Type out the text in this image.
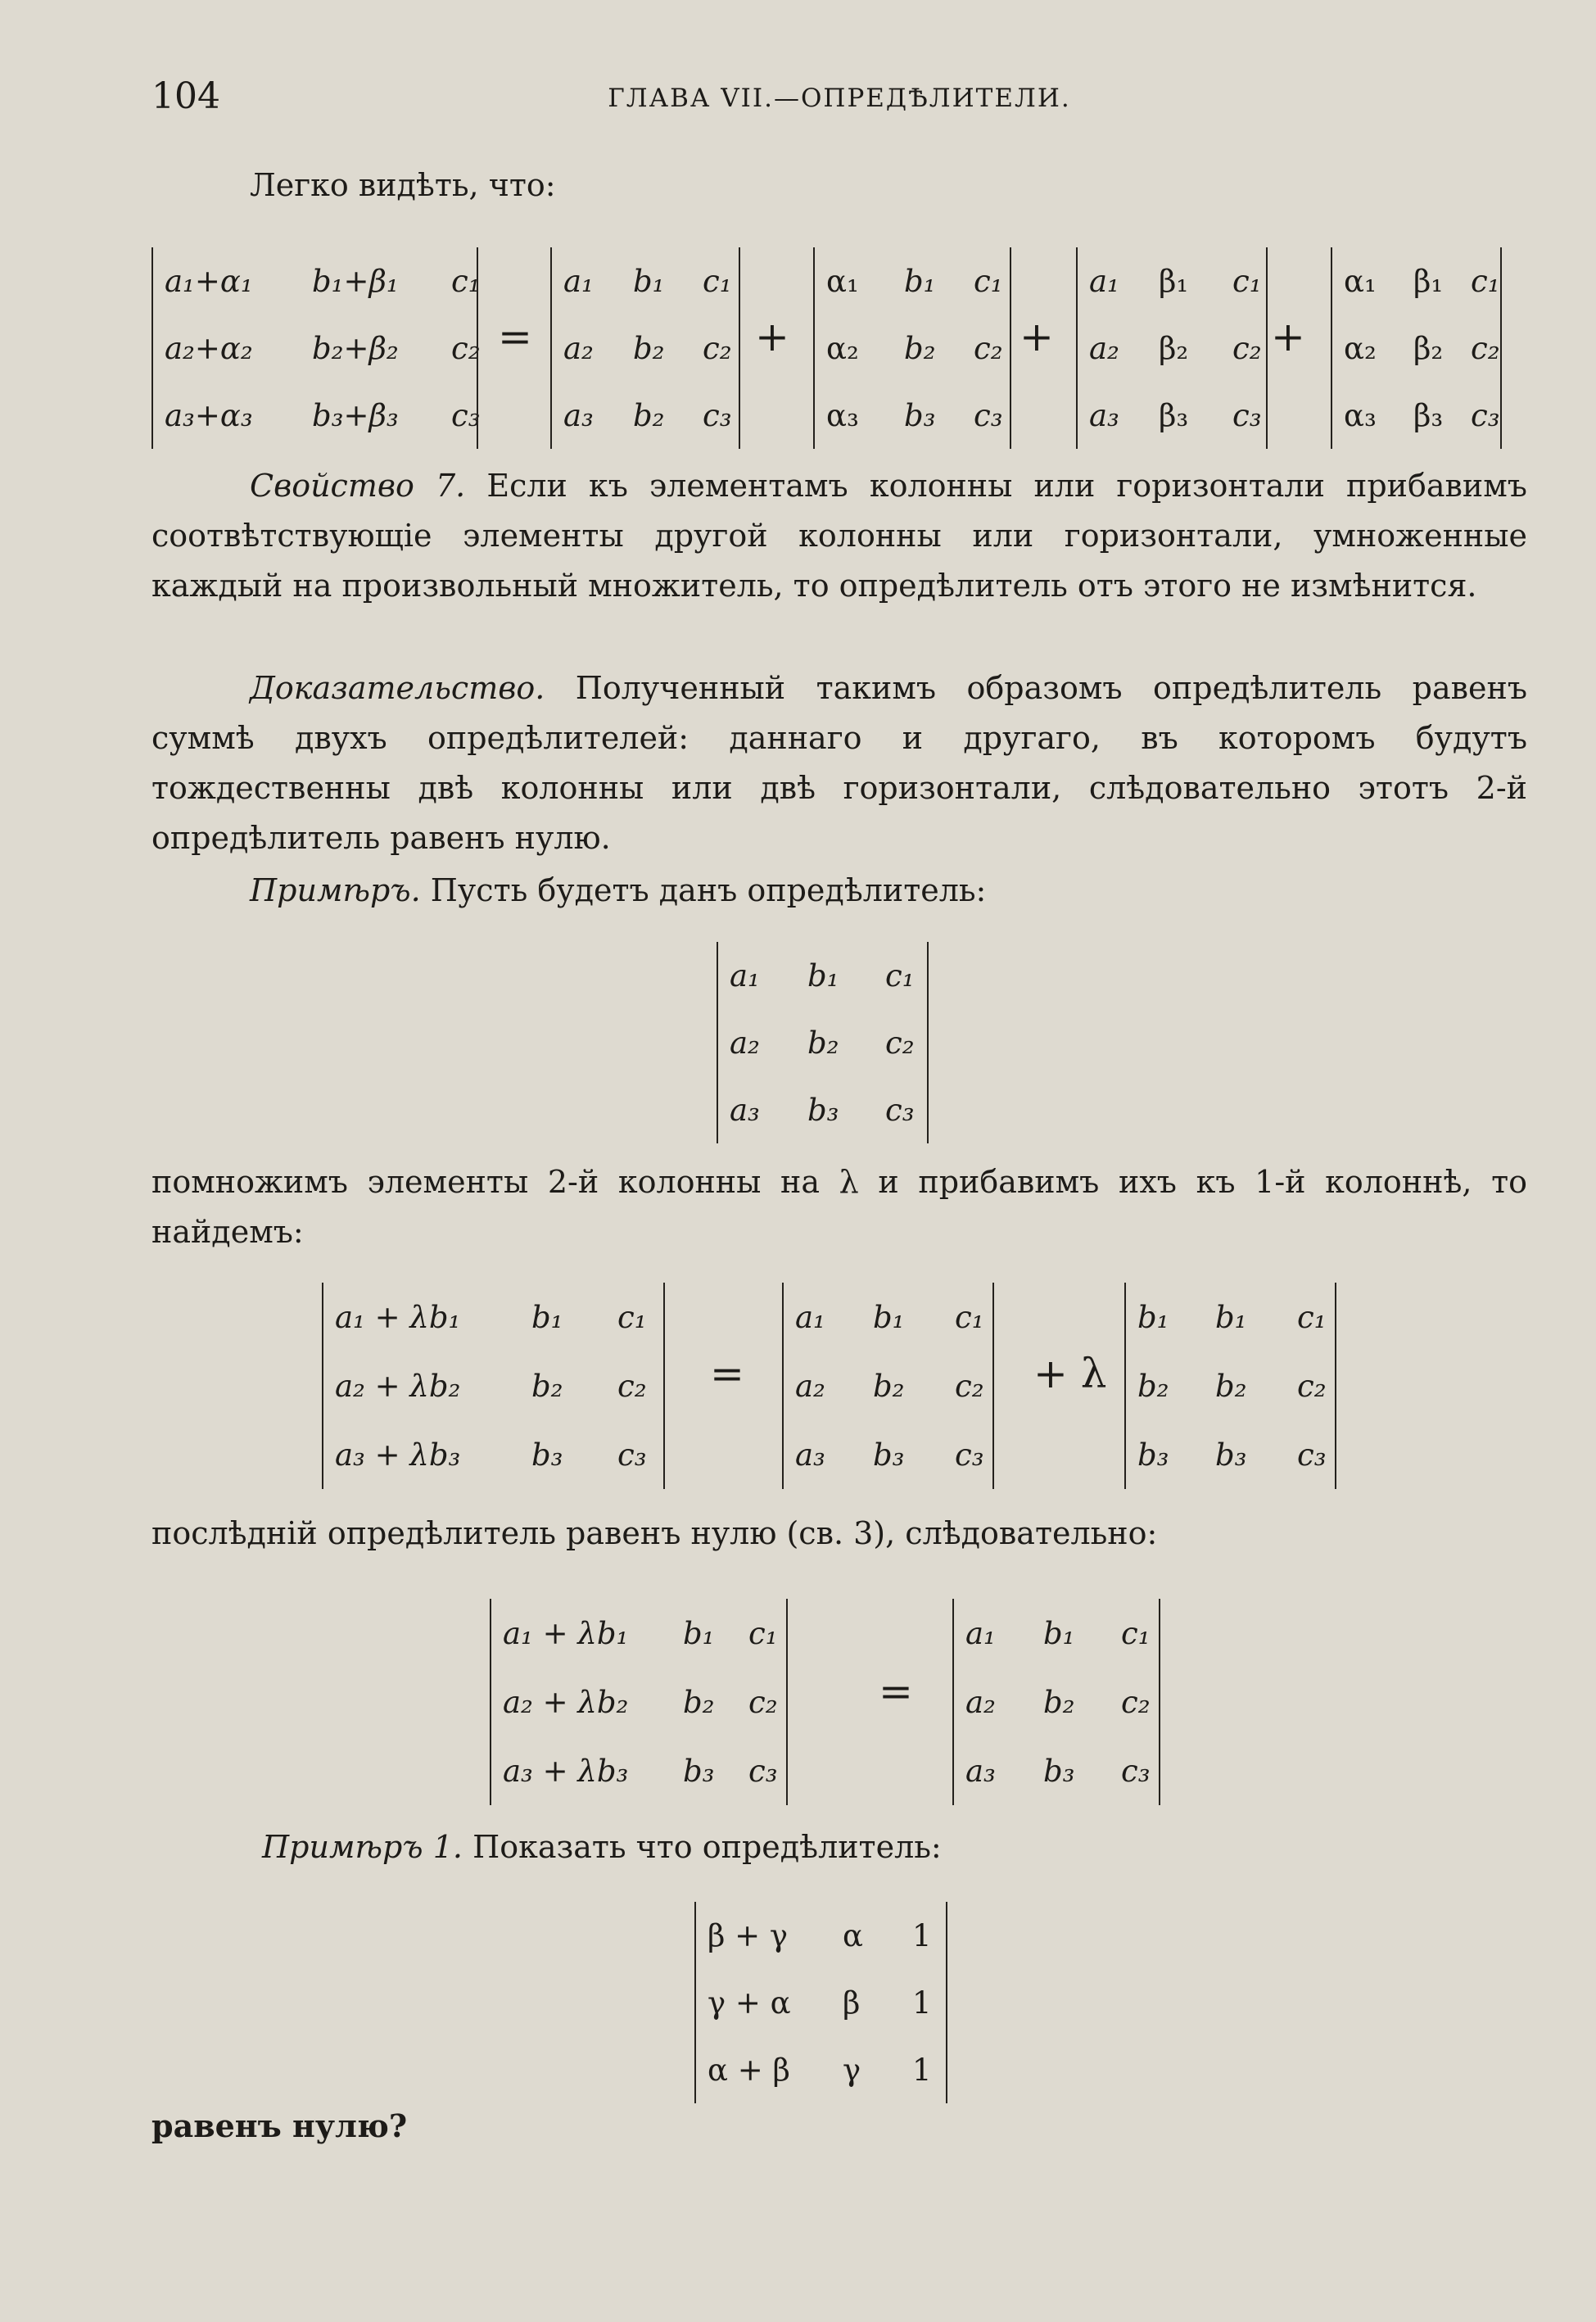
104	ГЛАВА VII.—ОПРЕДѢЛИТЕЛИ.

Легко видѣть, что:

a₁+α₁	b₁+β₁	c₁
a₂+α₂	b₂+β₂	c₂
a₃+α₃	b₃+β₃	c₃
=
a₁	b₁	c₁
a₂	b₂	c₂
a₃	b₂	c₃
+
α₁	b₁	c₁
α₂	b₂	c₂
α₃	b₃	c₃
+
a₁	β₁	c₁
a₂	β₂	c₂
a₃	β₃	c₃
+
α₁	β₁ c₁
α₂	β₂ c₂
α₃	β₃ c₃

Свойство 7. Если къ элементамъ колонны или горизонтали прибавимъ соотвѣтствующіе элементы другой колонны или горизонтали, умноженные каждый на произвольный множитель, то опредѣлитель отъ этого не измѣнится.

Доказательство. Полученный такимъ образомъ опредѣлитель равенъ суммѣ двухъ опредѣлителей: даннаго и другаго, въ которомъ будутъ тождественны двѣ колонны или двѣ горизонтали, слѣдовательно этотъ 2-й опредѣлитель равенъ нулю.

Примѣръ. Пусть будетъ данъ опредѣлитель:

a₁	b₁	c₁
a₂	b₂	c₂
a₃	b₃	c₃

помножимъ элементы 2-й колонны на λ и прибавимъ ихъ къ 1-й колоннѣ, то найдемъ:

a₁ + λb₁	b₁	c₁
a₂ + λb₂	b₂	c₂
a₃ + λb₃	b₃	c₃
=
a₁	b₁	c₁
a₂	b₂	c₂
a₃	b₃	c₃
+ λ
b₁	b₁	c₁
b₂	b₂	c₂
b₃	b₃	c₃

послѣдній опредѣлитель равенъ нулю (св. 3), слѣдовательно:

a₁ + λb₁	b₁	c₁
a₂ + λb₂	b₂	c₂
a₃ + λb₃	b₃	c₃
=
a₁	b₁	c₁
a₂	b₂	c₂
a₃	b₃	c₃

Примѣръ 1. Показать что опредѣлитель:

β + γ	α	1
γ + α	β	1
α + β	γ	1

равенъ нулю?
